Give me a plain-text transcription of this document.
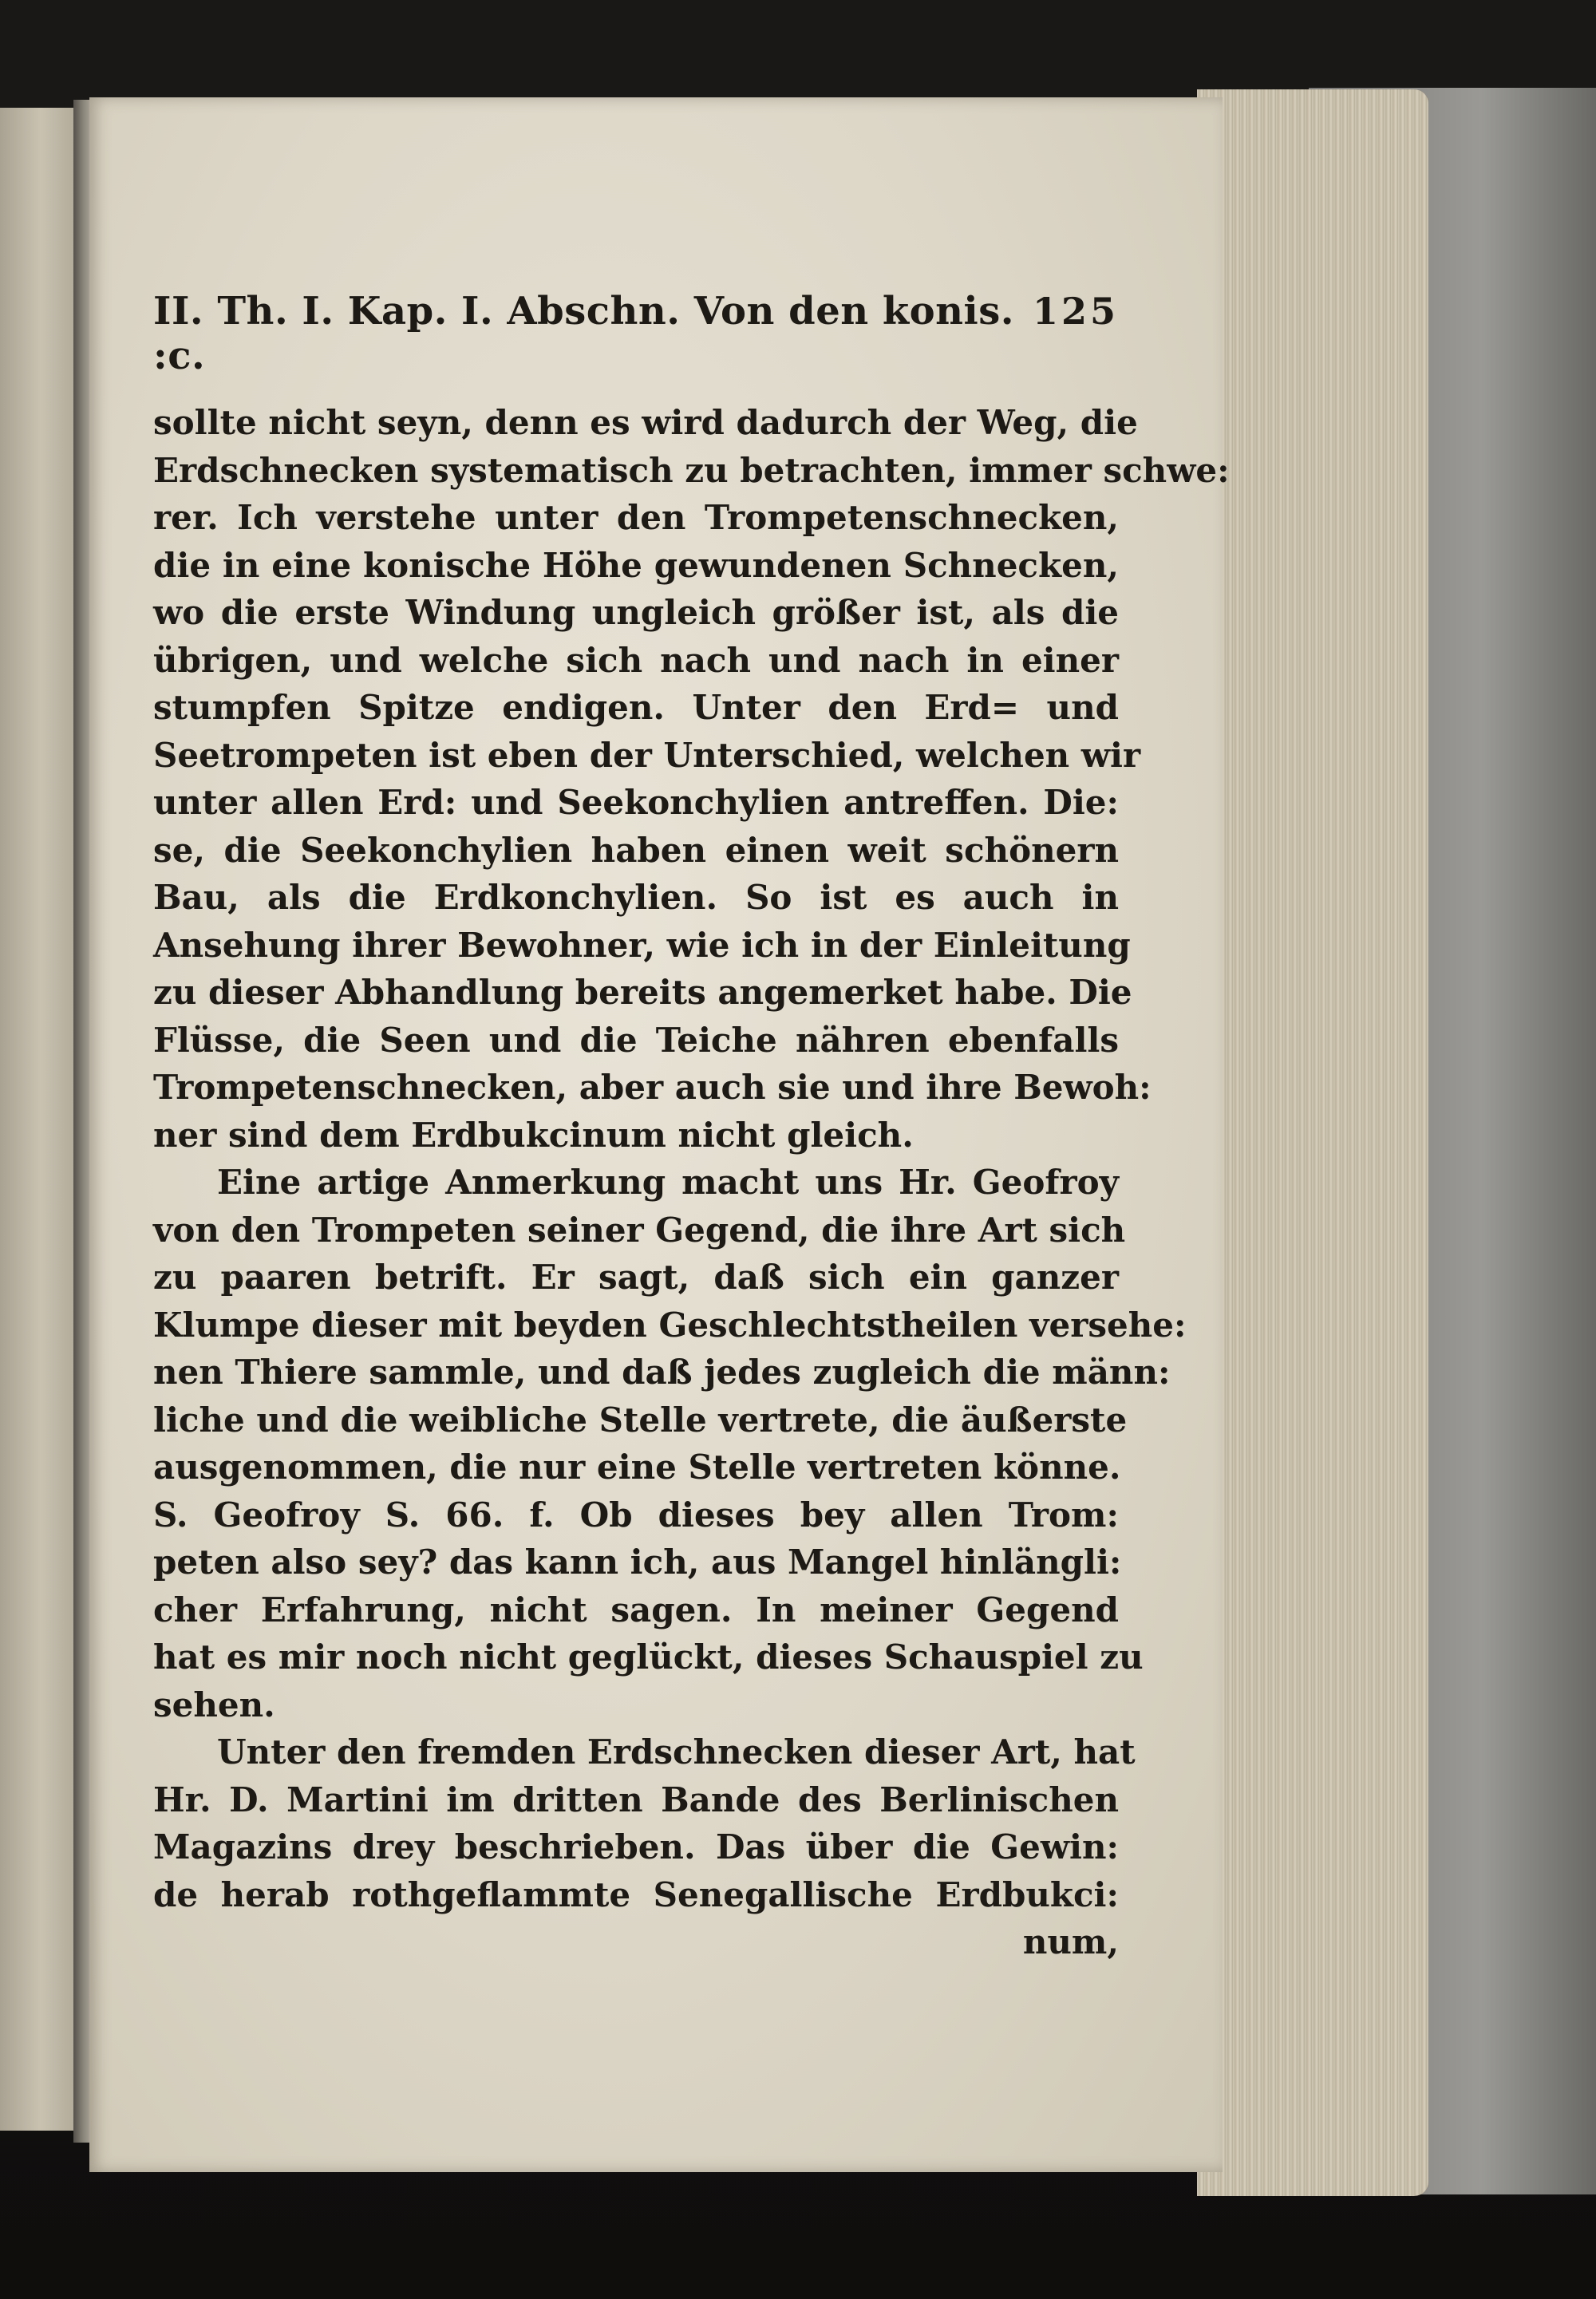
II. Th. I. Kap. I. Abschn. Von den konis. :c.
125
sollte nicht seyn, denn es wird dadurch der Weg, die
Erdschnecken systematisch zu betrachten, immer schwe:
rer. Ich verstehe unter den Trompetenschnecken,
die in eine konische Höhe gewundenen Schnecken,
wo die erste Windung ungleich größer ist, als die
übrigen, und welche sich nach und nach in einer
stumpfen Spitze endigen. Unter den Erd= und
Seetrompeten ist eben der Unterschied, welchen wir
unter allen Erd: und Seekonchylien antreffen. Die:
se, die Seekonchylien haben einen weit schönern
Bau, als die Erdkonchylien. So ist es auch in
Ansehung ihrer Bewohner, wie ich in der Einleitung
zu dieser Abhandlung bereits angemerket habe. Die
Flüsse, die Seen und die Teiche nähren ebenfalls
Trompetenschnecken, aber auch sie und ihre Bewoh:
ner sind dem Erdbukcinum nicht gleich.
Eine artige Anmerkung macht uns Hr. Geofroy
von den Trompeten seiner Gegend, die ihre Art sich
zu paaren betrift. Er sagt, daß sich ein ganzer
Klumpe dieser mit beyden Geschlechtstheilen versehe:
nen Thiere sammle, und daß jedes zugleich die männ:
liche und die weibliche Stelle vertrete, die äußerste
ausgenommen, die nur eine Stelle vertreten könne.
S. Geofroy S. 66. f. Ob dieses bey allen Trom:
peten also sey? das kann ich, aus Mangel hinlängli:
cher Erfahrung, nicht sagen. In meiner Gegend
hat es mir noch nicht geglückt, dieses Schauspiel zu
sehen.
Unter den fremden Erdschnecken dieser Art, hat
Hr. D. Martini im dritten Bande des Berlinischen
Magazins drey beschrieben. Das über die Gewin:
de herab rothgeflammte Senegallische Erdbukci:
num,
